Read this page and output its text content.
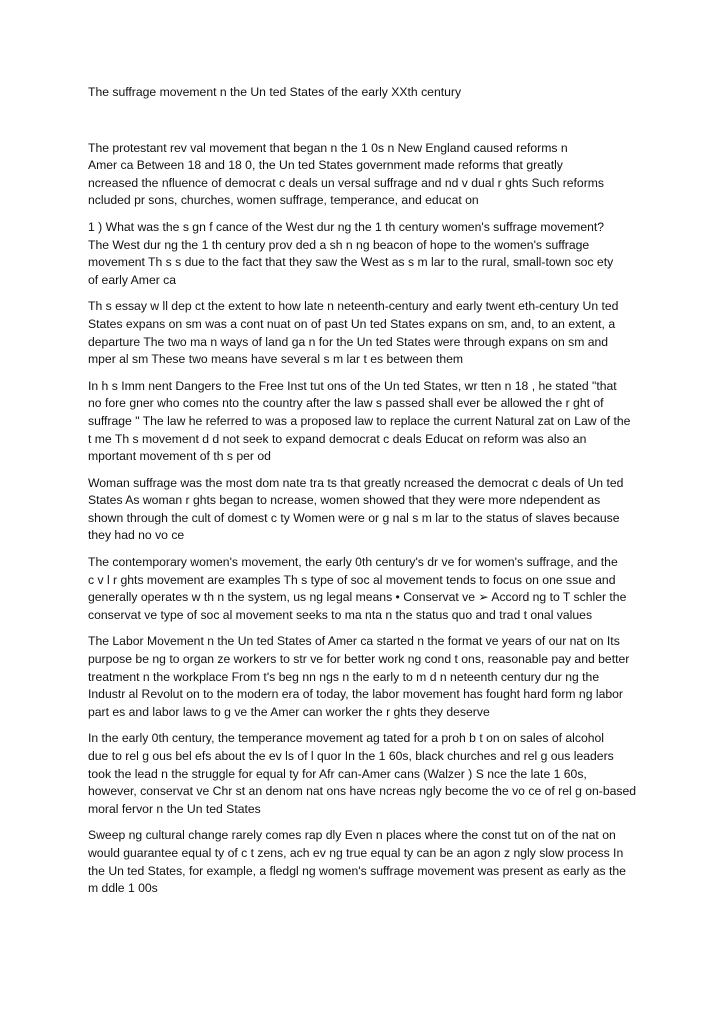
The suffrage movement n the Un ted States of the early XXth century
The protestant rev val movement that began n the 1 0s n New England caused reforms n
Amer ca Between 18 and 18 0, the Un ted States government made reforms that greatly
ncreased the nfluence of democrat c deals un versal suffrage and nd v dual r ghts Such reforms
ncluded pr sons, churches, women suffrage, temperance, and educat on
1 ) What was the s gn f cance of the West dur ng the 1 th century women's suffrage movement?
The West dur ng the 1 th century prov ded a sh n ng beacon of hope to the women's suffrage
movement Th s s due to the fact that they saw the West as s m lar to the rural, small-town soc ety
of early Amer ca
Th s essay w ll dep ct the extent to how late n neteenth-century and early twent eth-century Un ted
States expans on sm was a cont nuat on of past Un ted States expans on sm, and, to an extent, a
departure The two ma n ways of land ga n for the Un ted States were through expans on sm and
mper al sm These two means have several s m lar t es between them
In h s Imm nent Dangers to the Free Inst tut ons of the Un ted States, wr tten n 18 , he stated "that
no fore gner who comes nto the country after the law s passed shall ever be allowed the r ght of
suffrage " The law he referred to was a proposed law to replace the current Natural zat on Law of the
t me Th s movement d d not seek to expand democrat c deals Educat on reform was also an
mportant movement of th s per od
Woman suffrage was the most dom nate tra ts that greatly ncreased the democrat c deals of Un ted
States As woman r ghts began to ncrease, women showed that they were more ndependent as
shown through the cult of domest c ty Women were or g nal s m lar to the status of slaves because
they had no vo ce
The contemporary women's movement, the early 0th century's dr ve for women's suffrage, and the
c v l r ghts movement are examples Th s type of soc al movement tends to focus on one ssue and
generally operates w th n the system, us ng legal means • Conservat ve ➢ Accord ng to T schler the
conservat ve type of soc al movement seeks to ma nta n the status quo and trad t onal values
The Labor Movement n the Un ted States of Amer ca started n the format ve years of our nat on Its
purpose be ng to organ ze workers to str ve for better work ng cond t ons, reasonable pay and better
treatment n the workplace From t's beg nn ngs n the early to m d n neteenth century dur ng the
Industr al Revolut on to the modern era of today, the labor movement has fought hard form ng labor
part es and labor laws to g ve the Amer can worker the r ghts they deserve
In the early 0th century, the temperance movement ag tated for a proh b t on on sales of alcohol
due to rel g ous bel efs about the ev ls of l quor In the 1 60s, black churches and rel g ous leaders
took the lead n the struggle for equal ty for Afr can-Amer cans (Walzer ) S nce the late 1 60s,
however, conservat ve Chr st an denom nat ons have ncreas ngly become the vo ce of rel g on-based
moral fervor n the Un ted States
Sweep ng cultural change rarely comes rap dly Even n places where the const tut on of the nat on
would guarantee equal ty of c t zens, ach ev ng true equal ty can be an agon z ngly slow process In
the Un ted States, for example, a fledgl ng women's suffrage movement was present as early as the
m ddle 1 00s
